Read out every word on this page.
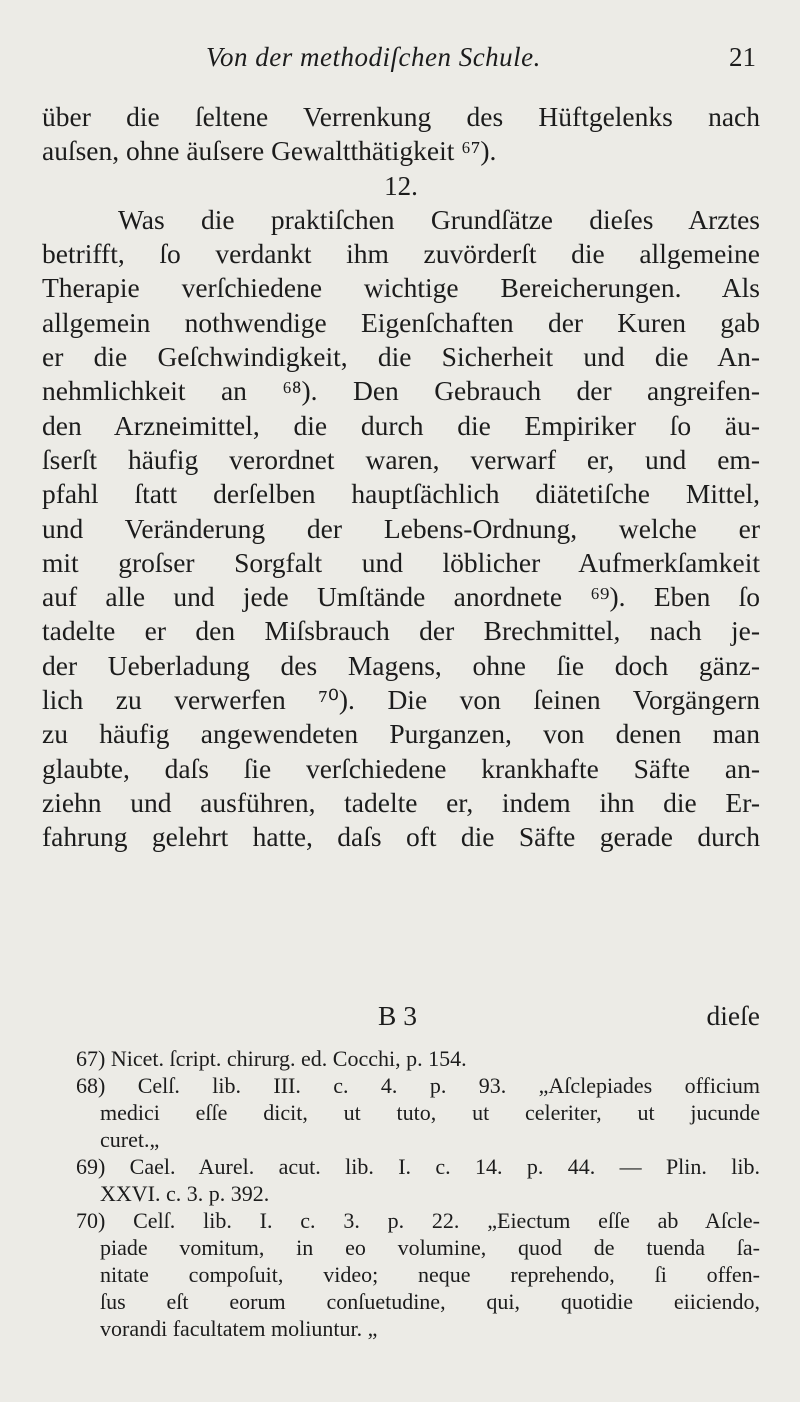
Von der methodiſchen Schule.	21
über die ſeltene Verrenkung des Hüftgelenks nach
auſsen, ohne äuſsere Gewaltthätigkeit ⁶⁷).
12.
Was die praktiſchen Grundſätze dieſes Arztes
betrifft, ſo verdankt ihm zuvörderſt die allgemeine
Therapie verſchiedene wichtige Bereicherungen. Als
allgemein nothwendige Eigenſchaften der Kuren gab
er die Geſchwindigkeit, die Sicherheit und die An-
nehmlichkeit an ⁶⁸). Den Gebrauch der angreifen-
den Arzneimittel, die durch die Empiriker ſo äu-
ſserſt häufig verordnet waren, verwarf er, und em-
pfahl ſtatt derſelben hauptſächlich diätetiſche Mittel,
und Veränderung der Lebens-Ordnung, welche er
mit groſser Sorgfalt und löblicher Aufmerkſamkeit
auf alle und jede Umſtände anordnete ⁶⁹). Eben ſo
tadelte er den Miſsbrauch der Brechmittel, nach je-
der Ueberladung des Magens, ohne ſie doch gänz-
lich zu verwerfen ⁷⁰). Die von ſeinen Vorgängern
zu häufig angewendeten Purganzen, von denen man
glaubte, daſs ſie verſchiedene krankhafte Säfte an-
ziehn und ausführen, tadelte er, indem ihn die Er-
fahrung gelehrt hatte, daſs oft die Säfte gerade durch
B 3	dieſe
67) Nicet. ſcript. chirurg. ed. Cocchi, p. 154.
68) Celſ. lib. III. c. 4. p. 93. „Aſclepiades officium
medici eſſe dicit, ut tuto, ut celeriter, ut jucunde
curet.„
69) Cael. Aurel. acut. lib. I. c. 14. p. 44. — Plin. lib.
XXVI. c. 3. p. 392.
70) Celſ. lib. I. c. 3. p. 22. „Eiectum eſſe ab Aſcle-
piade vomitum, in eo volumine, quod de tuenda ſa-
nitate compoſuit, video; neque reprehendo, ſi offen-
ſus eſt eorum conſuetudine, qui, quotidie eiiciendo,
vorandi facultatem moliuntur. „
